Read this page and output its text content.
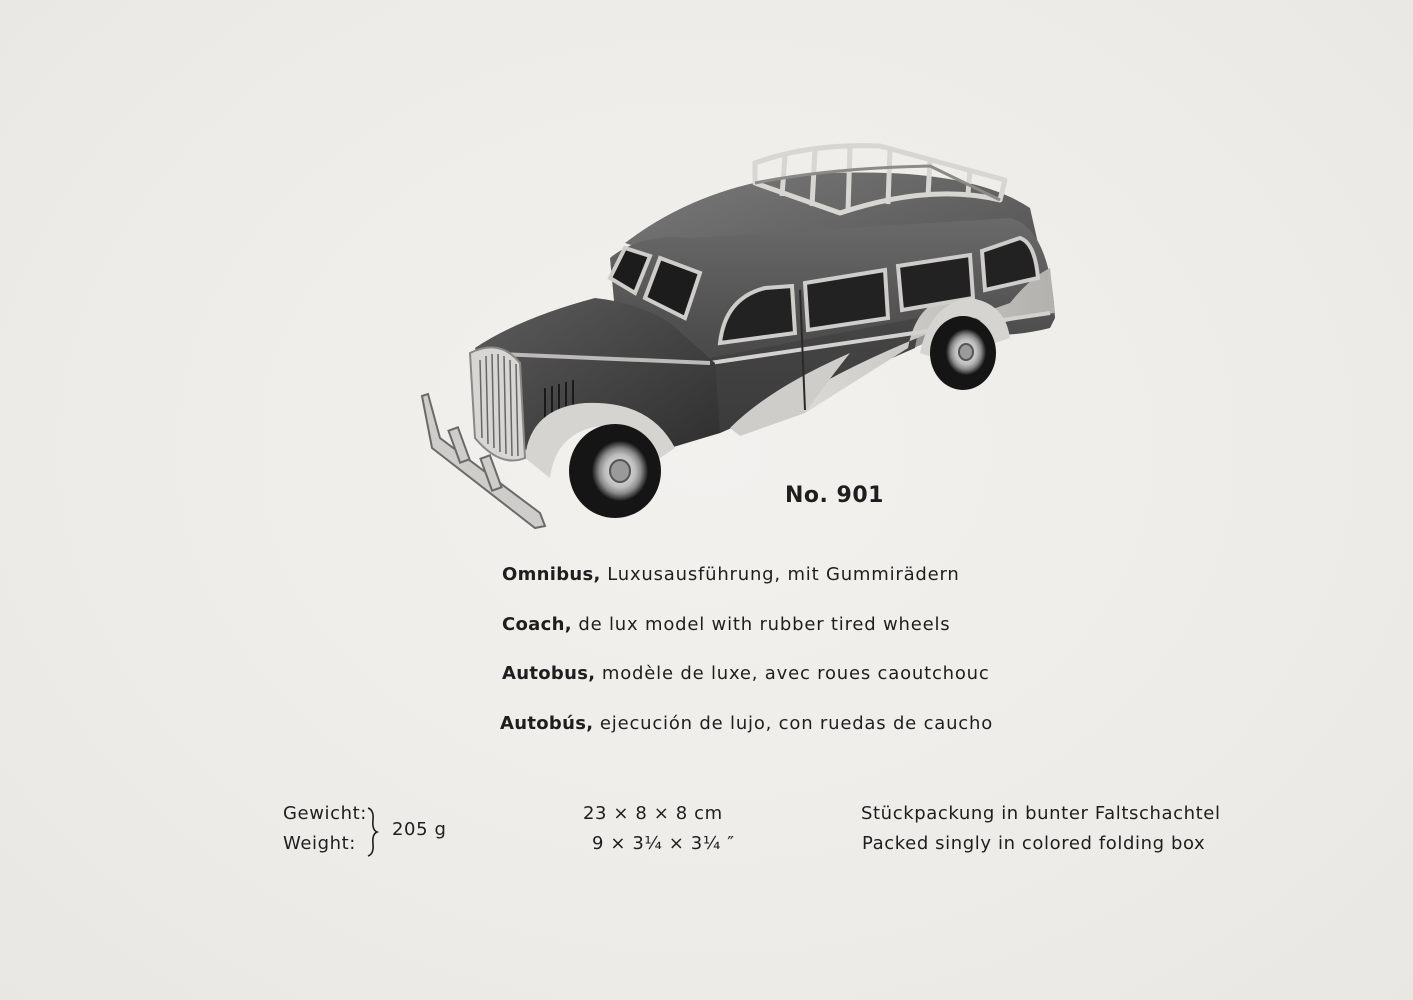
No. 901
Omnibus, Luxusausführung, mit Gummirädern
Coach, de lux model with rubber tired wheels
Autobus, modèle de luxe, avec roues caoutchouc
Autobús, ejecución de lujo, con ruedas de caucho
Gewicht:
Weight:
205 g
23 × 8 × 8 cm
9 × 3¼ × 3¼ ″
Stückpackung in bunter Faltschachtel
Packed singly in colored folding box
